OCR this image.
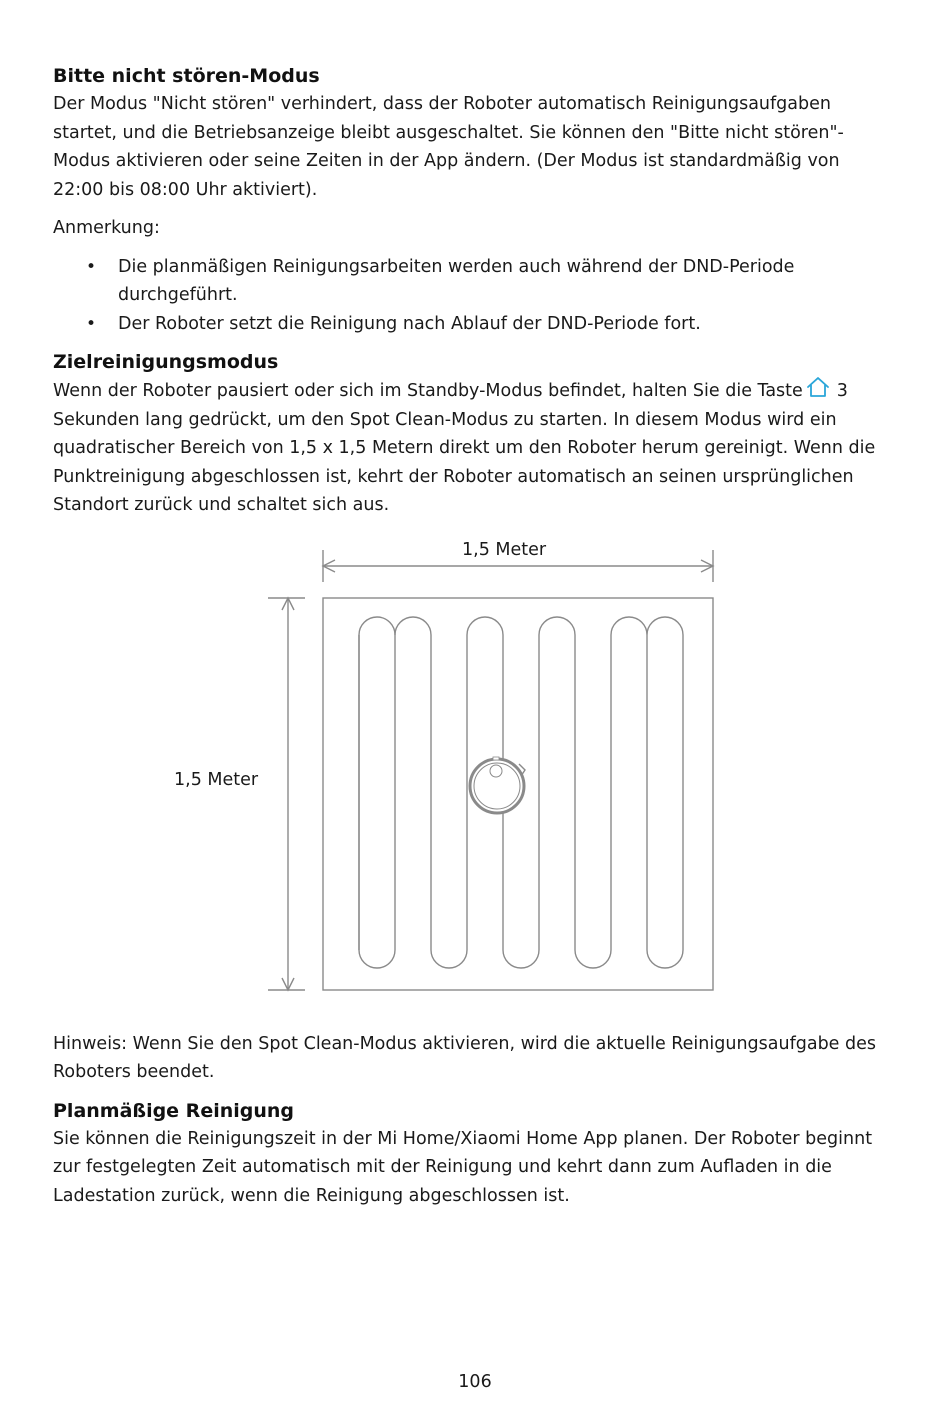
Bitte nicht stören-Modus

Der Modus "Nicht stören" verhindert, dass der Roboter automatisch Reinigungsaufgaben startet, und die Betriebsanzeige bleibt ausgeschaltet. Sie können den "Bitte nicht stören"-Modus aktivieren oder seine Zeiten in der App ändern. (Der Modus ist standardmäßig von 22:00 bis 08:00 Uhr aktiviert).

Anmerkung:

• Die planmäßigen Reinigungsarbeiten werden auch während der DND-Periode durchgeführt.
• Der Roboter setzt die Reinigung nach Ablauf der DND-Periode fort.
Zielreinigungsmodus

Wenn der Roboter pausiert oder sich im Standby-Modus befindet, halten Sie die Taste 3 Sekunden lang gedrückt, um den Spot Clean-Modus zu starten. In diesem Modus wird ein quadratischer Bereich von 1,5 x 1,5 Metern direkt um den Roboter herum gereinigt. Wenn die Punktreinigung abgeschlossen ist, kehrt der Roboter automatisch an seinen ursprünglichen Standort zurück und schaltet sich aus.

1,5 Meter
1,5 Meter

Hinweis: Wenn Sie den Spot Clean-Modus aktivieren, wird die aktuelle Reinigungsaufgabe des Roboters beendet.

Planmäßige Reinigung

Sie können die Reinigungszeit in der Mi Home/Xiaomi Home App planen. Der Roboter beginnt zur festgelegten Zeit automatisch mit der Reinigung und kehrt dann zum Aufladen in die Ladestation zurück, wenn die Reinigung abgeschlossen ist.

106
